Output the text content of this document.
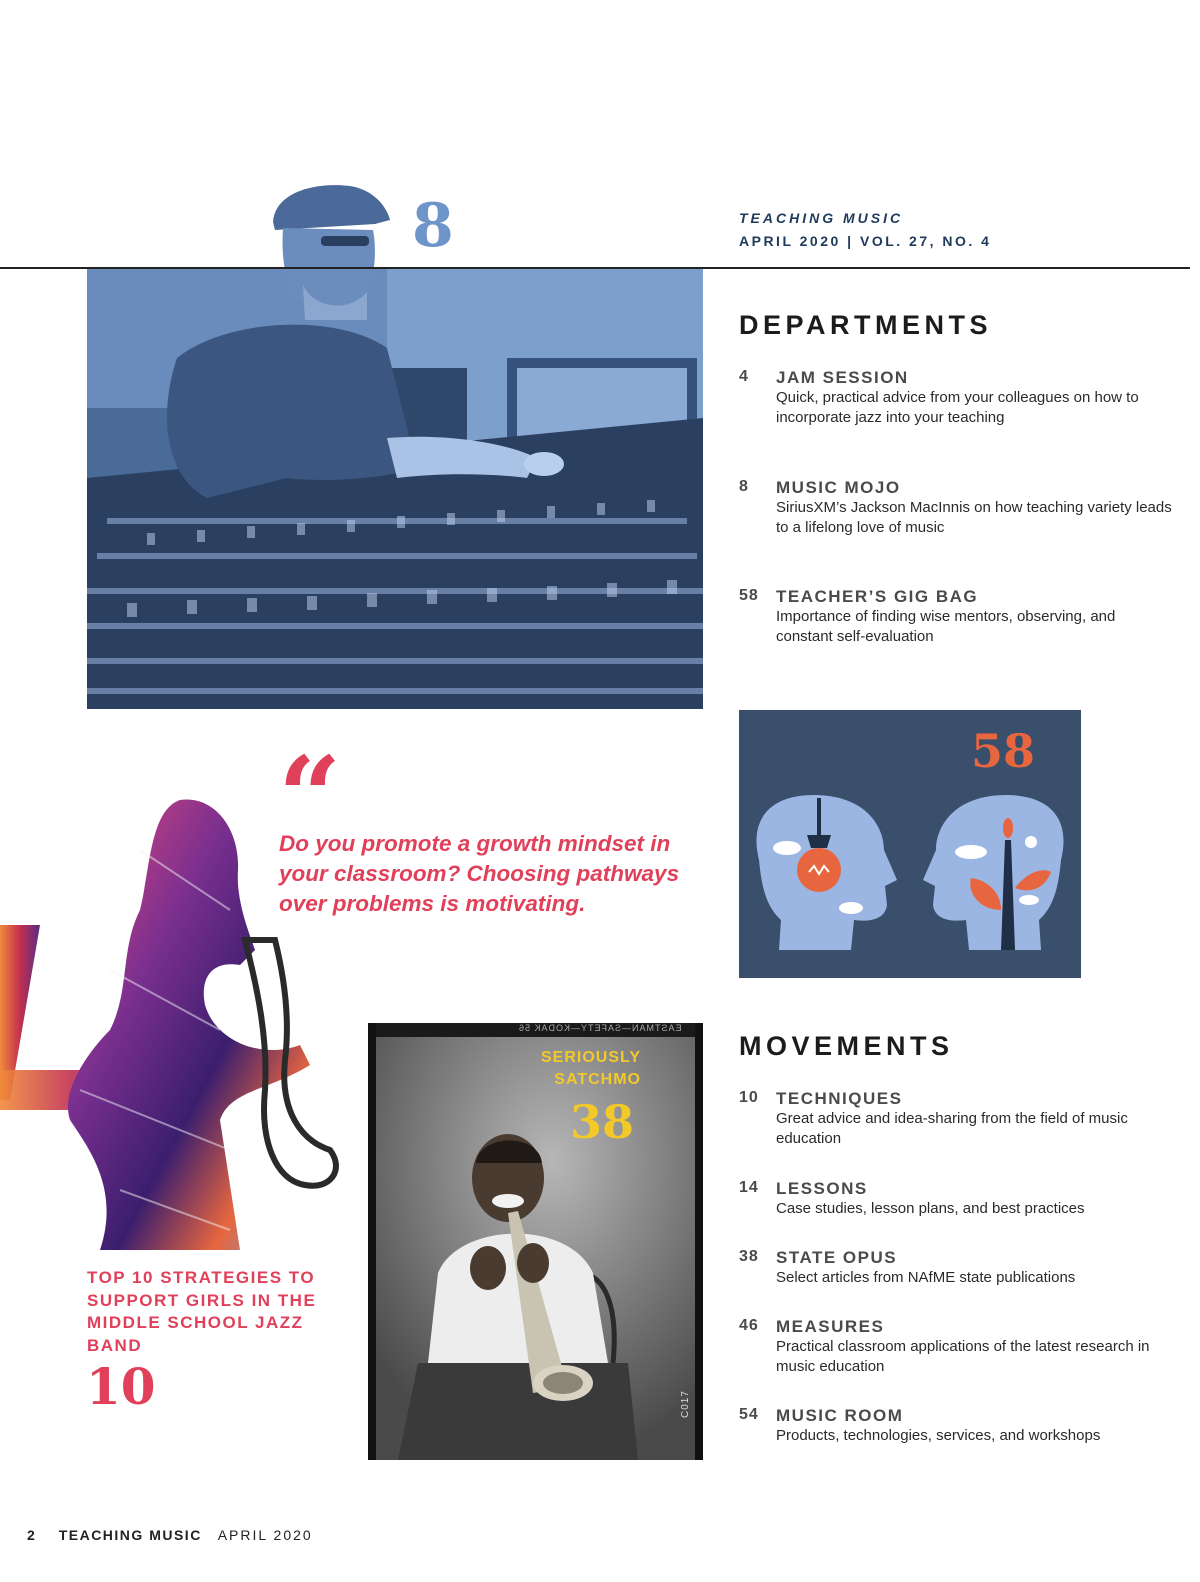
TEACHING MUSIC
APRIL 2020 | VOL. 27, NO. 4
8
DEPARTMENTS
4 JAM SESSION
Quick, practical advice from your colleagues on how to incorporate jazz into your teaching
8 MUSIC MOJO
SiriusXM’s Jackson MacInnis on how teaching variety leads to a lifelong love of music
58 TEACHER’S GIG BAG
Importance of finding wise mentors, observing, and constant self-evaluation
58
“
Do you promote a growth mindset in your classroom? Choosing pathways over problems is motivating.
TOP 10 STRATEGIES TO SUPPORT GIRLS IN THE MIDDLE SCHOOL JAZZ BAND
10
EASTMAN—SAFETY—KODAK 56
SERIOUSLY
SATCHMO
38
C017
MOVEMENTS
10 TECHNIQUES
Great advice and idea-sharing from the field of music education
14 LESSONS
Case studies, lesson plans, and best practices
38 STATE OPUS
Select articles from NAfME state publications
46 MEASURES
Practical classroom applications of the latest research in music education
54 MUSIC ROOM
Products, technologies, services, and workshops
2 TEACHING MUSIC APRIL 2020
